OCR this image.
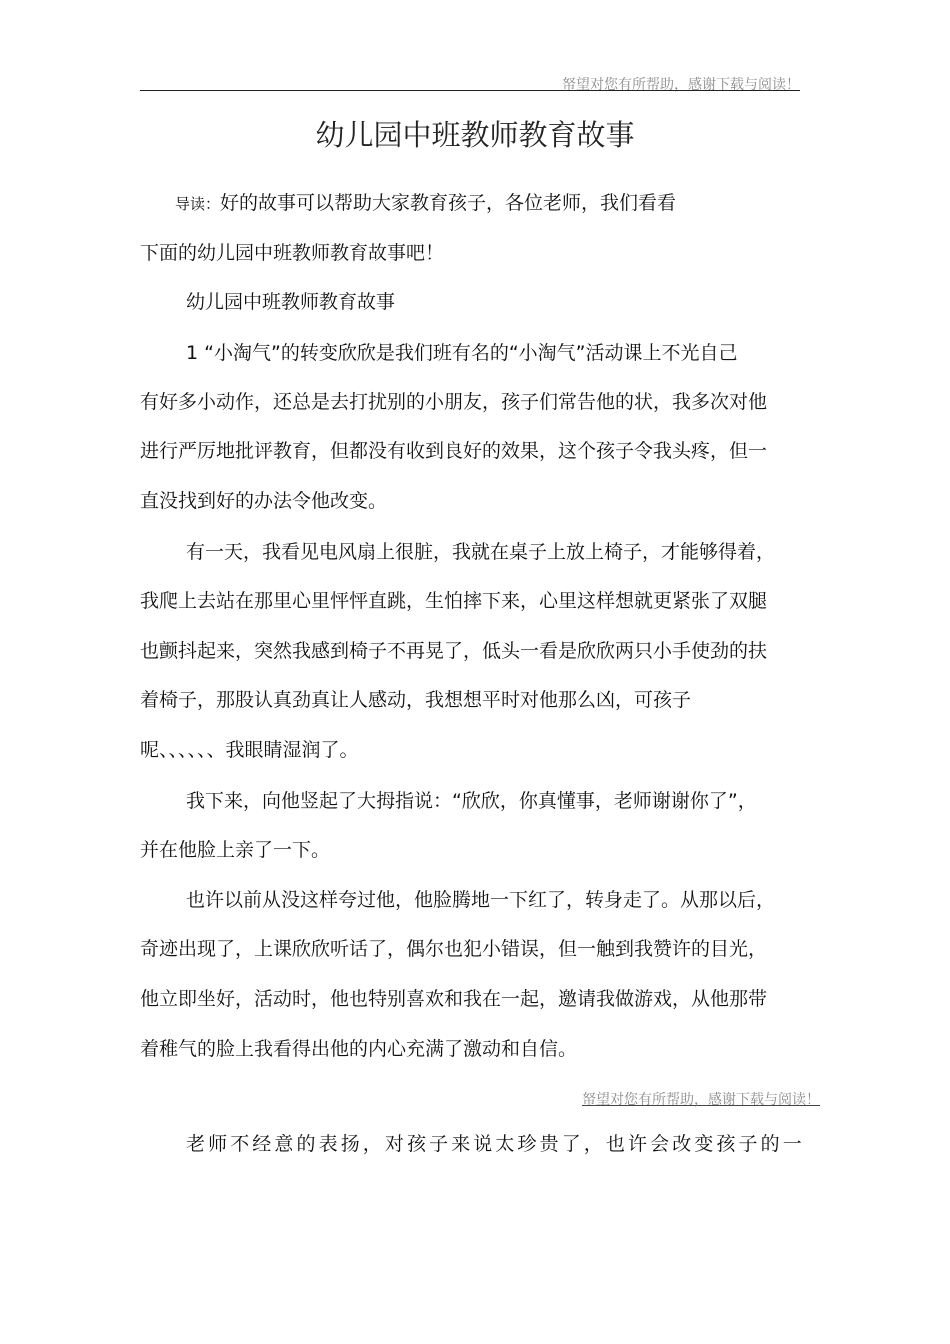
帑望对您有所帮助，感谢下载与阅读！
幼儿园中班教师教育故事
导读：好的故事可以帮助大家教育孩子，各位老师，我们看看
下面的幼儿园中班教师教育故事吧！
幼儿园中班教师教育故事
1 “小淘气”的转变欣欣是我们班有名的“小淘气”活动课上不光自己
有好多小动作，还总是去打扰别的小朋友，孩子们常告他的状，我多次对他
进行严厉地批评教育，但都没有收到良好的效果，这个孩子令我头疼，但一
直没找到好的办法令他改变。
有一天，我看见电风扇上很脏，我就在桌子上放上椅子，才能够得着，
我爬上去站在那里心里怦怦直跳，生怕摔下来，心里这样想就更紧张了双腿
也颤抖起来，突然我感到椅子不再晃了，低头一看是欣欣两只小手使劲的扶
着椅子，那股认真劲真让人感动，我想想平时对他那么凶，可孩子
呢、、、、、、我眼睛湿润了。
我下来，向他竖起了大拇指说：“欣欣，你真懂事，老师谢谢你了”，
并在他脸上亲了一下。
也许以前从没这样夸过他，他脸腾地一下红了，转身走了。从那以后，
奇迹出现了，上课欣欣听话了，偶尔也犯小错误，但一触到我赞许的目光，
他立即坐好，活动时，他也特别喜欢和我在一起，邀请我做游戏，从他那带
着稚气的脸上我看得出他的内心充满了激动和自信。
帑望对您有所帮助，感谢下载与阅读！
老师不经意的表扬，对孩子来说太珍贵了，也许会改变孩子的一
